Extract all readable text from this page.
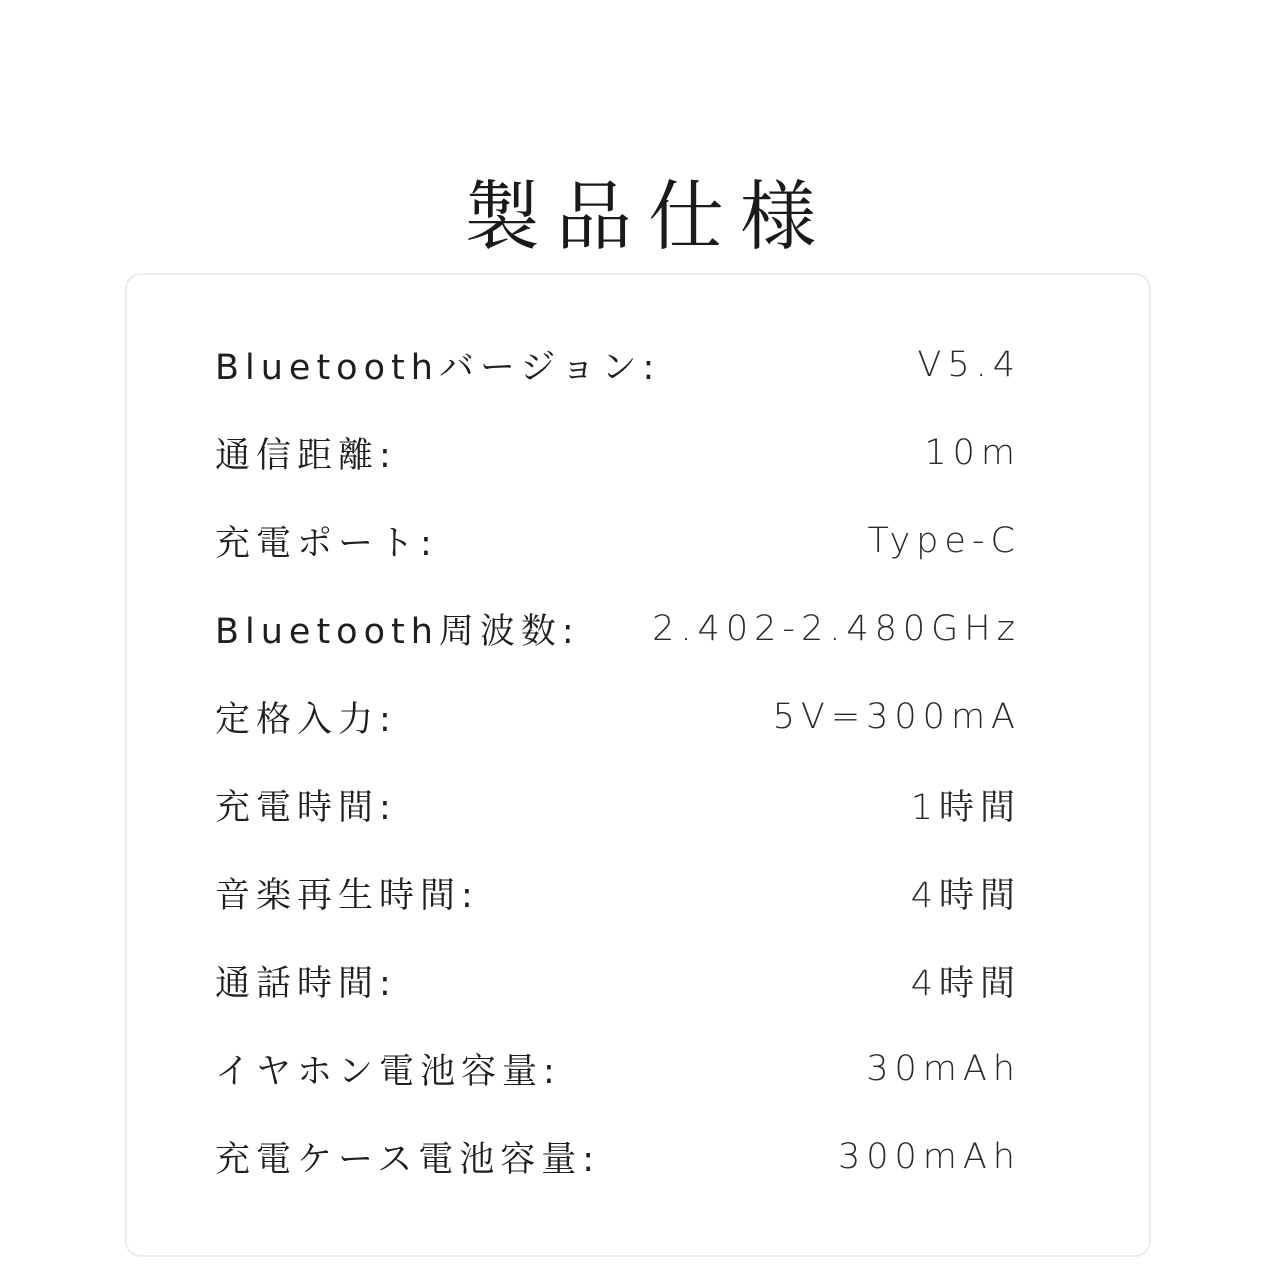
製品仕様
Bluetoothバージョン:	V5.4
通信距離:	10m
充電ポート:	Type-C
Bluetooth周波数: 2.402-2.480GHz
定格入力:	5V=300mA
充電時間:	1時間
音楽再生時間:	4時間
通話時間:	4時間
イヤホン電池容量:	30mAh
充電ケース電池容量:	300mAh
